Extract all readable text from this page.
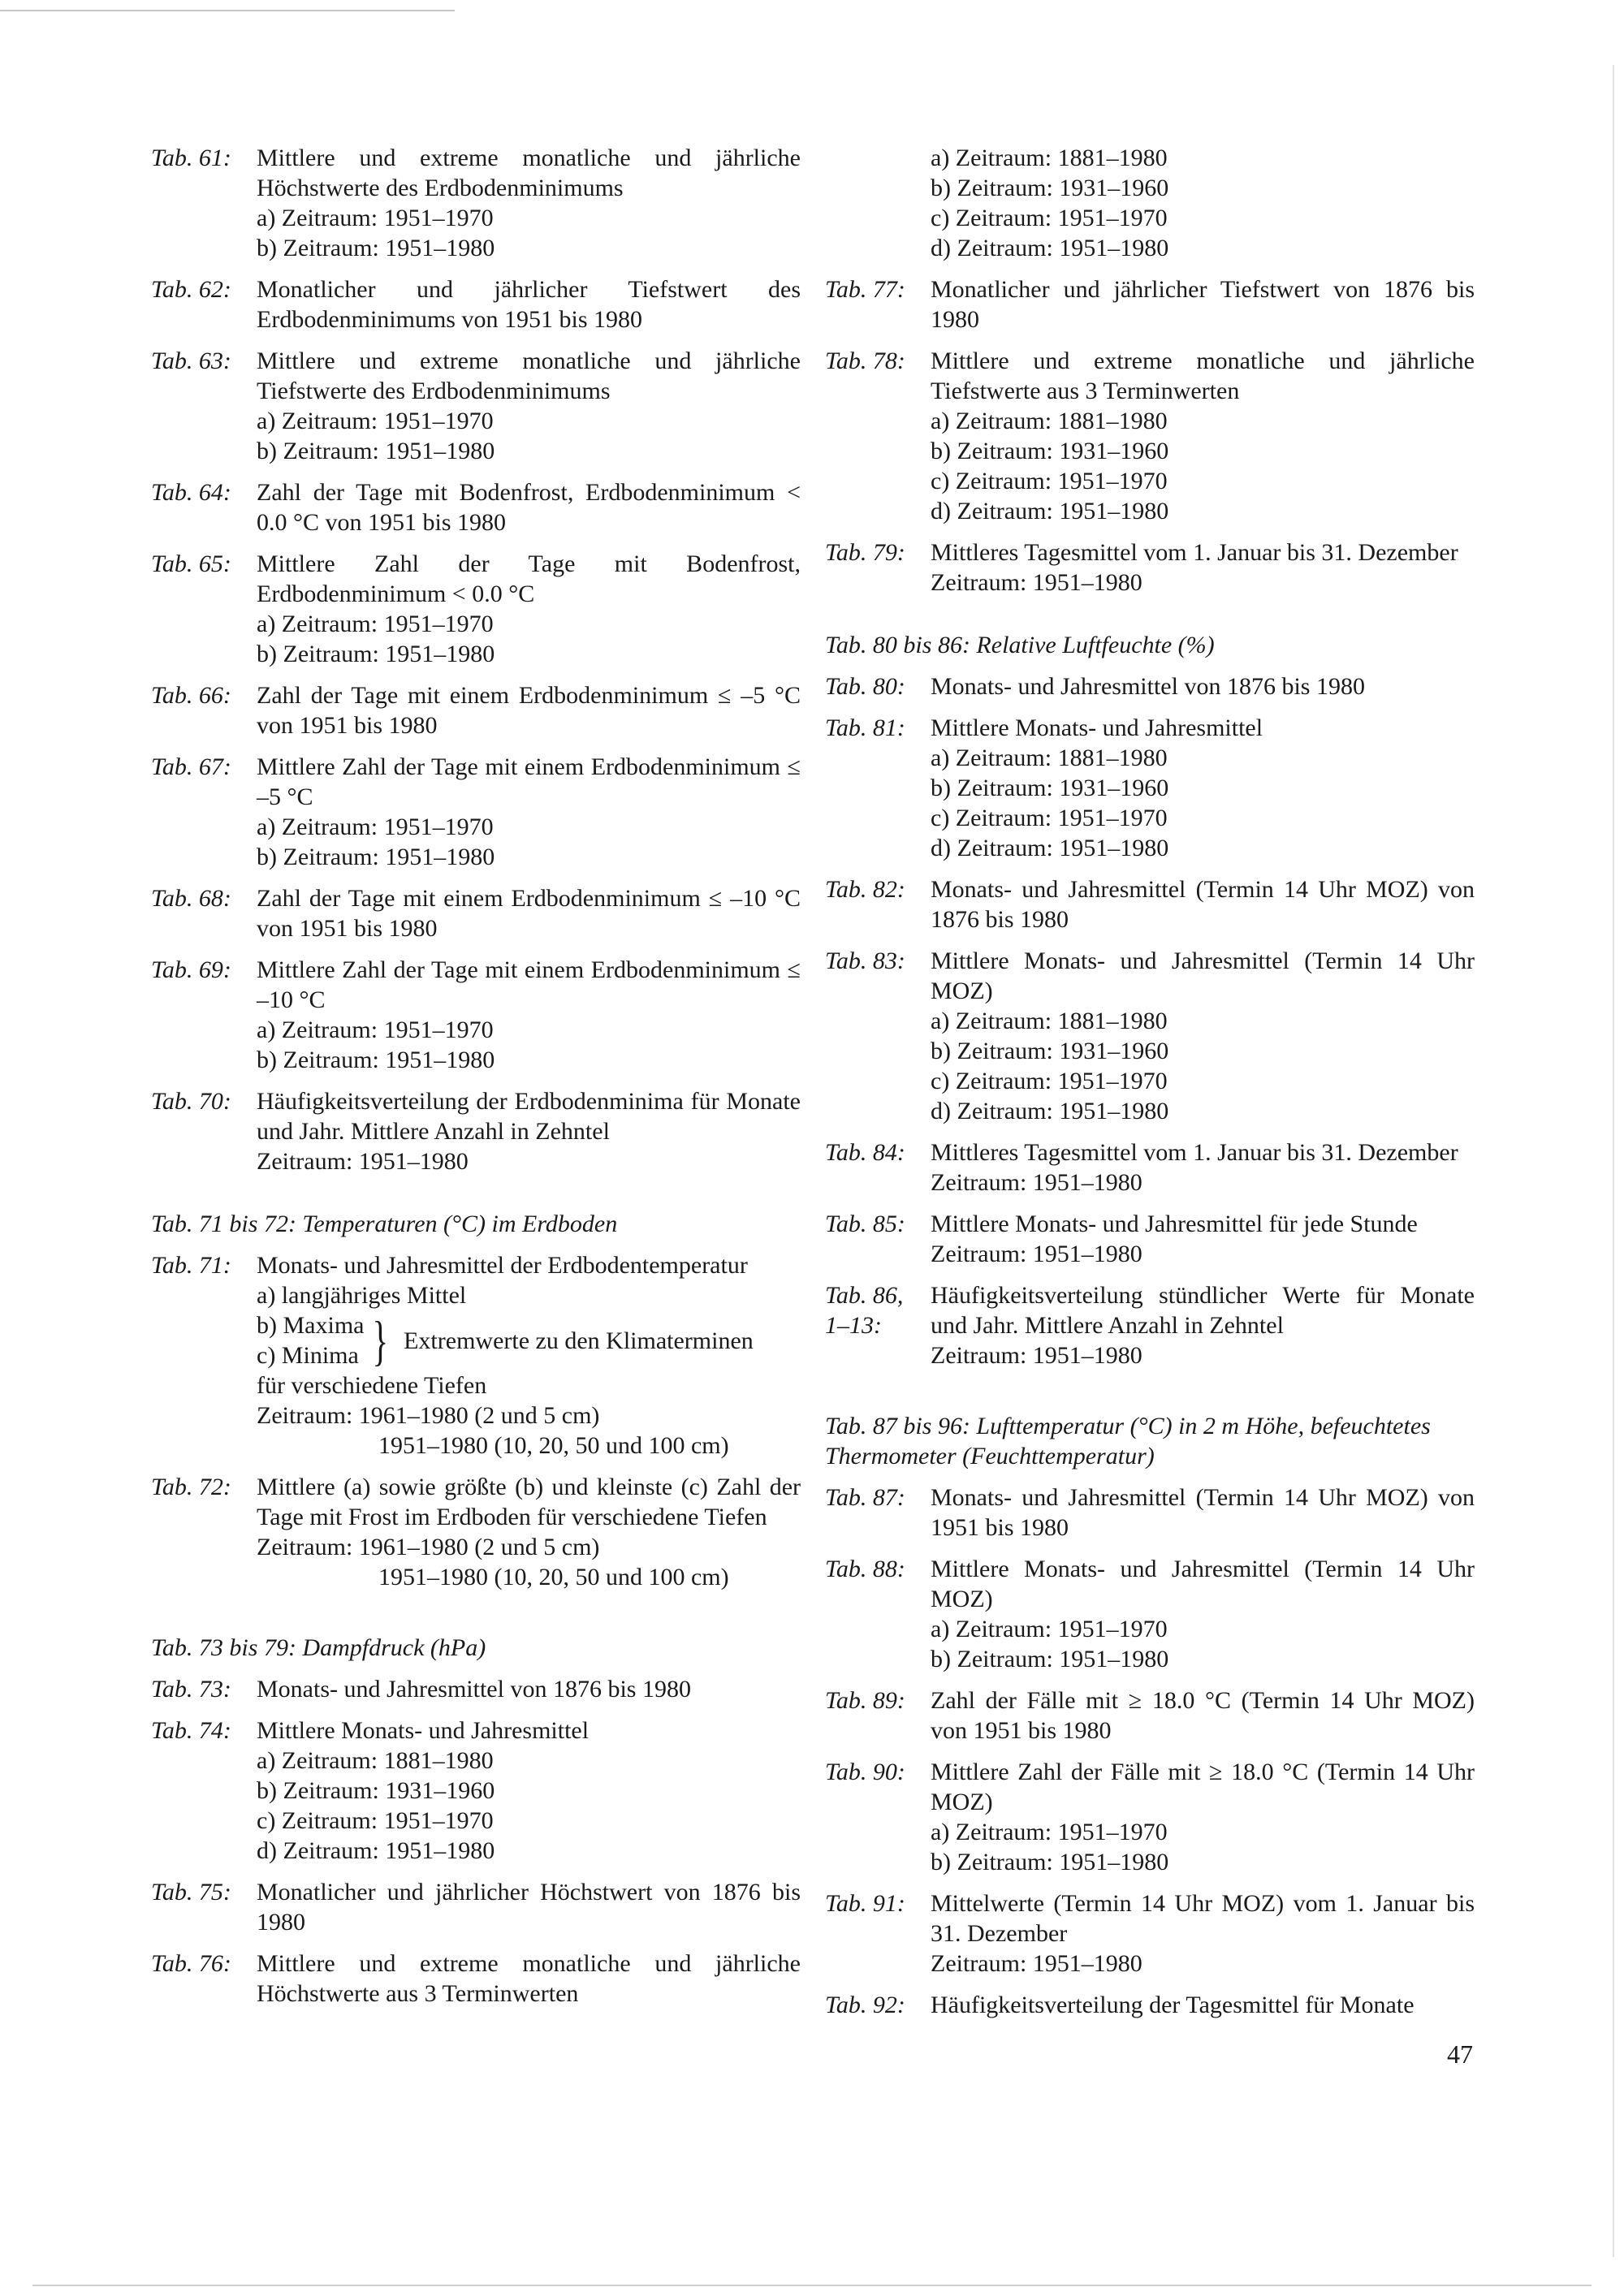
Tab. 61:	Mittlere und extreme monatliche und jährliche Höchstwerte des Erdbodenminimums
a) Zeitraum: 1951–1970
b) Zeitraum: 1951–1980
Tab. 62:	Monatlicher und jährlicher Tiefstwert des Erdbodenminimums von 1951 bis 1980
Tab. 63:	Mittlere und extreme monatliche und jährliche Tiefstwerte des Erdbodenminimums
a) Zeitraum: 1951–1970
b) Zeitraum: 1951–1980
Tab. 64:	Zahl der Tage mit Bodenfrost, Erdbodenminimum < 0.0 °C von 1951 bis 1980
Tab. 65:	Mittlere Zahl der Tage mit Bodenfrost, Erdbodenminimum < 0.0 °C
a) Zeitraum: 1951–1970
b) Zeitraum: 1951–1980
Tab. 66:	Zahl der Tage mit einem Erdbodenminimum ≤ –5 °C von 1951 bis 1980
Tab. 67:	Mittlere Zahl der Tage mit einem Erdbodenminimum ≤ –5 °C
a) Zeitraum: 1951–1970
b) Zeitraum: 1951–1980
Tab. 68:	Zahl der Tage mit einem Erdbodenminimum ≤ –10 °C von 1951 bis 1980
Tab. 69:	Mittlere Zahl der Tage mit einem Erdbodenminimum ≤ –10 °C
a) Zeitraum: 1951–1970
b) Zeitraum: 1951–1980
Tab. 70:	Häufigkeitsverteilung der Erdbodenminima für Monate und Jahr. Mittlere Anzahl in Zehntel
Zeitraum: 1951–1980
Tab. 71 bis 72: Temperaturen (°C) im Erdboden
Tab. 71:	Monats- und Jahresmittel der Erdbodentemperatur
a) langjähriges Mittel
b) Maxima
c) Minima } Extremwerte zu den Klimaterminen
für verschiedene Tiefen
Zeitraum: 1961–1980 (2 und 5 cm)
1951–1980 (10, 20, 50 und 100 cm)
Tab. 72:	Mittlere (a) sowie größte (b) und kleinste (c) Zahl der Tage mit Frost im Erdboden für verschiedene Tiefen
Zeitraum: 1961–1980 (2 und 5 cm)
1951–1980 (10, 20, 50 und 100 cm)
Tab. 73 bis 79: Dampfdruck (hPa)
Tab. 73:	Monats- und Jahresmittel von 1876 bis 1980
Tab. 74:	Mittlere Monats- und Jahresmittel
a) Zeitraum: 1881–1980
b) Zeitraum: 1931–1960
c) Zeitraum: 1951–1970
d) Zeitraum: 1951–1980
Tab. 75:	Monatlicher und jährlicher Höchstwert von 1876 bis 1980
Tab. 76:	Mittlere und extreme monatliche und jährliche Höchstwerte aus 3 Terminwerten
a) Zeitraum: 1881–1980
b) Zeitraum: 1931–1960
c) Zeitraum: 1951–1970
d) Zeitraum: 1951–1980
Tab. 77:	Monatlicher und jährlicher Tiefstwert von 1876 bis 1980
Tab. 78:	Mittlere und extreme monatliche und jährliche Tiefstwerte aus 3 Terminwerten
a) Zeitraum: 1881–1980
b) Zeitraum: 1931–1960
c) Zeitraum: 1951–1970
d) Zeitraum: 1951–1980
Tab. 79:	Mittleres Tagesmittel vom 1. Januar bis 31. Dezember
Zeitraum: 1951–1980
Tab. 80 bis 86: Relative Luftfeuchte (%)
Tab. 80:	Monats- und Jahresmittel von 1876 bis 1980
Tab. 81:	Mittlere Monats- und Jahresmittel
a) Zeitraum: 1881–1980
b) Zeitraum: 1931–1960
c) Zeitraum: 1951–1970
d) Zeitraum: 1951–1980
Tab. 82:	Monats- und Jahresmittel (Termin 14 Uhr MOZ) von 1876 bis 1980
Tab. 83:	Mittlere Monats- und Jahresmittel (Termin 14 Uhr MOZ)
a) Zeitraum: 1881–1980
b) Zeitraum: 1931–1960
c) Zeitraum: 1951–1970
d) Zeitraum: 1951–1980
Tab. 84:	Mittleres Tagesmittel vom 1. Januar bis 31. Dezember
Zeitraum: 1951–1980
Tab. 85:	Mittlere Monats- und Jahresmittel für jede Stunde
Zeitraum: 1951–1980
Tab. 86, 1–13:
Häufigkeitsverteilung stündlicher Werte für Monate und Jahr. Mittlere Anzahl in Zehntel
Zeitraum: 1951–1980
Tab. 87 bis 96: Lufttemperatur (°C) in 2 m Höhe, befeuchtetes Thermometer (Feuchttemperatur)
Tab. 87:	Monats- und Jahresmittel (Termin 14 Uhr MOZ) von 1951 bis 1980
Tab. 88:	Mittlere Monats- und Jahresmittel (Termin 14 Uhr MOZ)
a) Zeitraum: 1951–1970
b) Zeitraum: 1951–1980
Tab. 89:	Zahl der Fälle mit ≥ 18.0 °C (Termin 14 Uhr MOZ) von 1951 bis 1980
Tab. 90:	Mittlere Zahl der Fälle mit ≥ 18.0 °C (Termin 14 Uhr MOZ)
a) Zeitraum: 1951–1970
b) Zeitraum: 1951–1980
Tab. 91:	Mittelwerte (Termin 14 Uhr MOZ) vom 1. Januar bis 31. Dezember
Zeitraum: 1951–1980
Tab. 92:	Häufigkeitsverteilung der Tagesmittel für Monate
47
